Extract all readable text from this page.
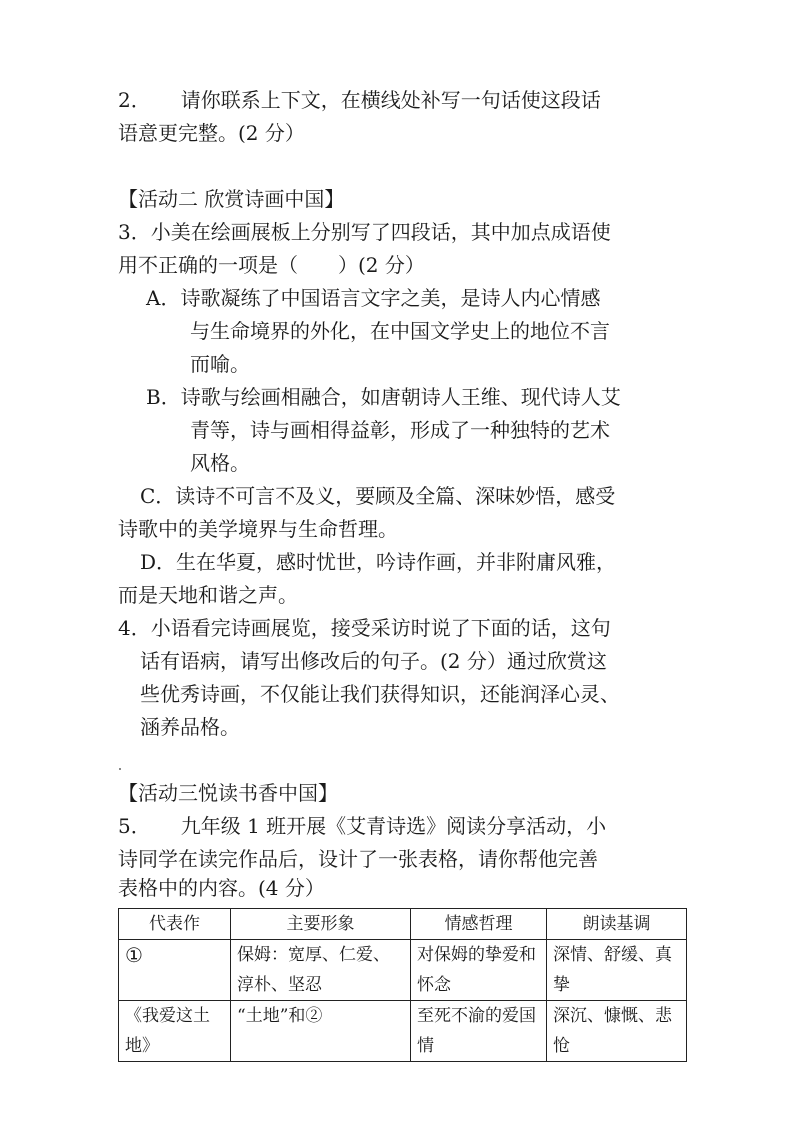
2．　　请你联系上下文，在横线处补写一句话使这段话
语意更完整。(2 分）
【活动二 欣赏诗画中国】
3．小美在绘画展板上分别写了四段话，其中加点成语使
用不正确的一项是（　　）(2 分）
A．诗歌凝练了中国语言文字之美，是诗人内心情感
与生命境界的外化，在中国文学史上的地位不言
而喻。
B．诗歌与绘画相融合，如唐朝诗人王维、现代诗人艾
青等，诗与画相得益彰，形成了一种独特的艺术
风格。
C．读诗不可言不及义，要顾及全篇、深味妙悟，感受
诗歌中的美学境界与生命哲理。
D．生在华夏，感时忧世，吟诗作画，并非附庸风雅，
而是天地和谐之声。
4．小语看完诗画展览，接受采访时说了下面的话，这句
话有语病，请写出修改后的句子。(2 分）通过欣赏这
些优秀诗画，不仅能让我们获得知识，还能润泽心灵、
涵养品格。
【活动三悦读书香中国】
5．　　九年级 1 班开展《艾青诗选》阅读分享活动，小
诗同学在读完作品后，设计了一张表格，请你帮他完善
表格中的内容。(4 分）
代表作	主要形象	情感哲理	朗读基调
①	保姆：宽厚、仁爱、淳朴、坚忍	对保姆的挚爱和怀念	深情、舒缓、真挚
《我爱这土地》	“土地”和②	至死不渝的爱国情	深沉、慷慨、悲怆
